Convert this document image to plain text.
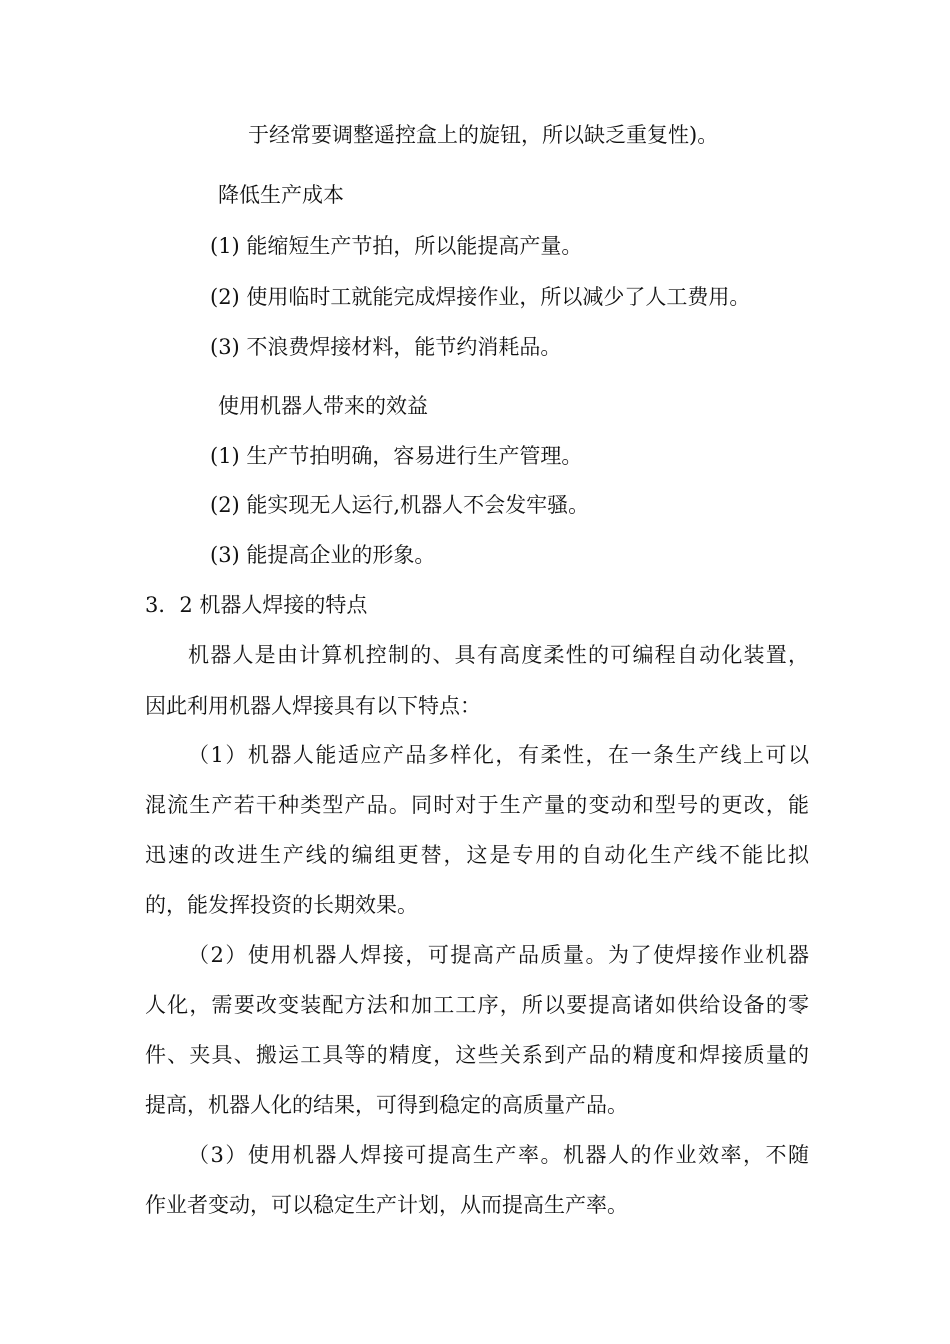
于经常要调整遥控盒上的旋钮，所以缺乏重复性)。

降低生产成本

(1) 能缩短生产节拍，所以能提高产量。

(2) 使用临时工就能完成焊接作业，所以减少了人工费用。

(3) 不浪费焊接材料，能节约消耗品。

使用机器人带来的效益

(1) 生产节拍明确，容易进行生产管理。

(2) 能实现无人运行,机器人不会发牢骚。

(3) 能提高企业的形象。

3．2 机器人焊接的特点

机器人是由计算机控制的、具有高度柔性的可编程自动化装置，

因此利用机器人焊接具有以下特点：

（1）机器人能适应产品多样化，有柔性，在一条生产线上可以

混流生产若干种类型产品。同时对于生产量的变动和型号的更改，能

迅速的改进生产线的编组更替，这是专用的自动化生产线不能比拟

的，能发挥投资的长期效果。

（2）使用机器人焊接，可提高产品质量。为了使焊接作业机器

人化，需要改变装配方法和加工工序，所以要提高诸如供给设备的零

件、夹具、搬运工具等的精度，这些关系到产品的精度和焊接质量的

提高，机器人化的结果，可得到稳定的高质量产品。

（3）使用机器人焊接可提高生产率。机器人的作业效率，不随

作业者变动，可以稳定生产计划，从而提高生产率。
